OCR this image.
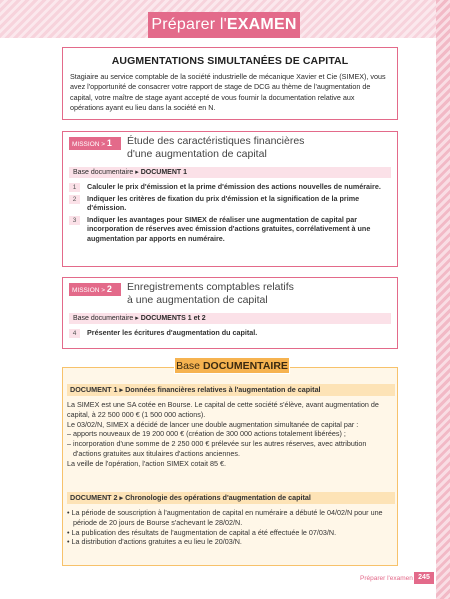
Préparer l'EXAMEN
AUGMENTATIONS SIMULTANÉES DE CAPITAL

Stagiaire au service comptable de la société industrielle de mécanique Xavier et Cie (SIMEX), vous avez l'opportunité de consacrer votre rapport de stage de DCG au thème de l'augmentation de capital, votre maître de stage ayant accepté de vous fournir la documentation relative aux opérations ayant eu lieu dans la société en N.

MISSION > 1	Étude des caractéristiques financières
d'une augmentation de capital
Base documentaire ▸ DOCUMENT 1
1	Calculer le prix d'émission et la prime d'émission des actions nouvelles de numéraire.
2	Indiquer les critères de fixation du prix d'émission et la signification de la prime d'émission.
3	Indiquer les avantages pour SIMEX de réaliser une augmentation de capital par incorporation de réserves avec émission d'actions gratuites, corrélativement à une augmentation par apports en numéraire.
MISSION > 2	Enregistrements comptables relatifs
à une augmentation de capital
Base documentaire ▸ DOCUMENTS 1 et 2
4	Présenter les écritures d'augmentation du capital.
DOCUMENT 1 ▸ Données financières relatives à l'augmentation de capital
La SIMEX est une SA cotée en Bourse. Le capital de cette société s'élève, avant augmentation de capital, à 22 500 000 € (1 500 000 actions).
Le 03/02/N, SIMEX a décidé de lancer une double augmentation simultanée de capital par :
– apports nouveaux de 19 200 000 € (création de 300 000 actions totalement libérées) ;
– incorporation d'une somme de 2 250 000 € prélevée sur les autres réserves, avec attribution d'actions gratuites aux titulaires d'actions anciennes.
La veille de l'opération, l'action SIMEX cotait 85 €.
DOCUMENT 2 ▸ Chronologie des opérations d'augmentation de capital
• La période de souscription à l'augmentation de capital en numéraire a débuté le 04/02/N pour une période de 20 jours de Bourse s'achevant le 28/02/N.
• La publication des résultats de l'augmentation de capital a été effectuée le 07/03/N.
• La distribution d'actions gratuites a eu lieu le 20/03/N.
Base DOCUMENTAIRE
Préparer l'examen 245
